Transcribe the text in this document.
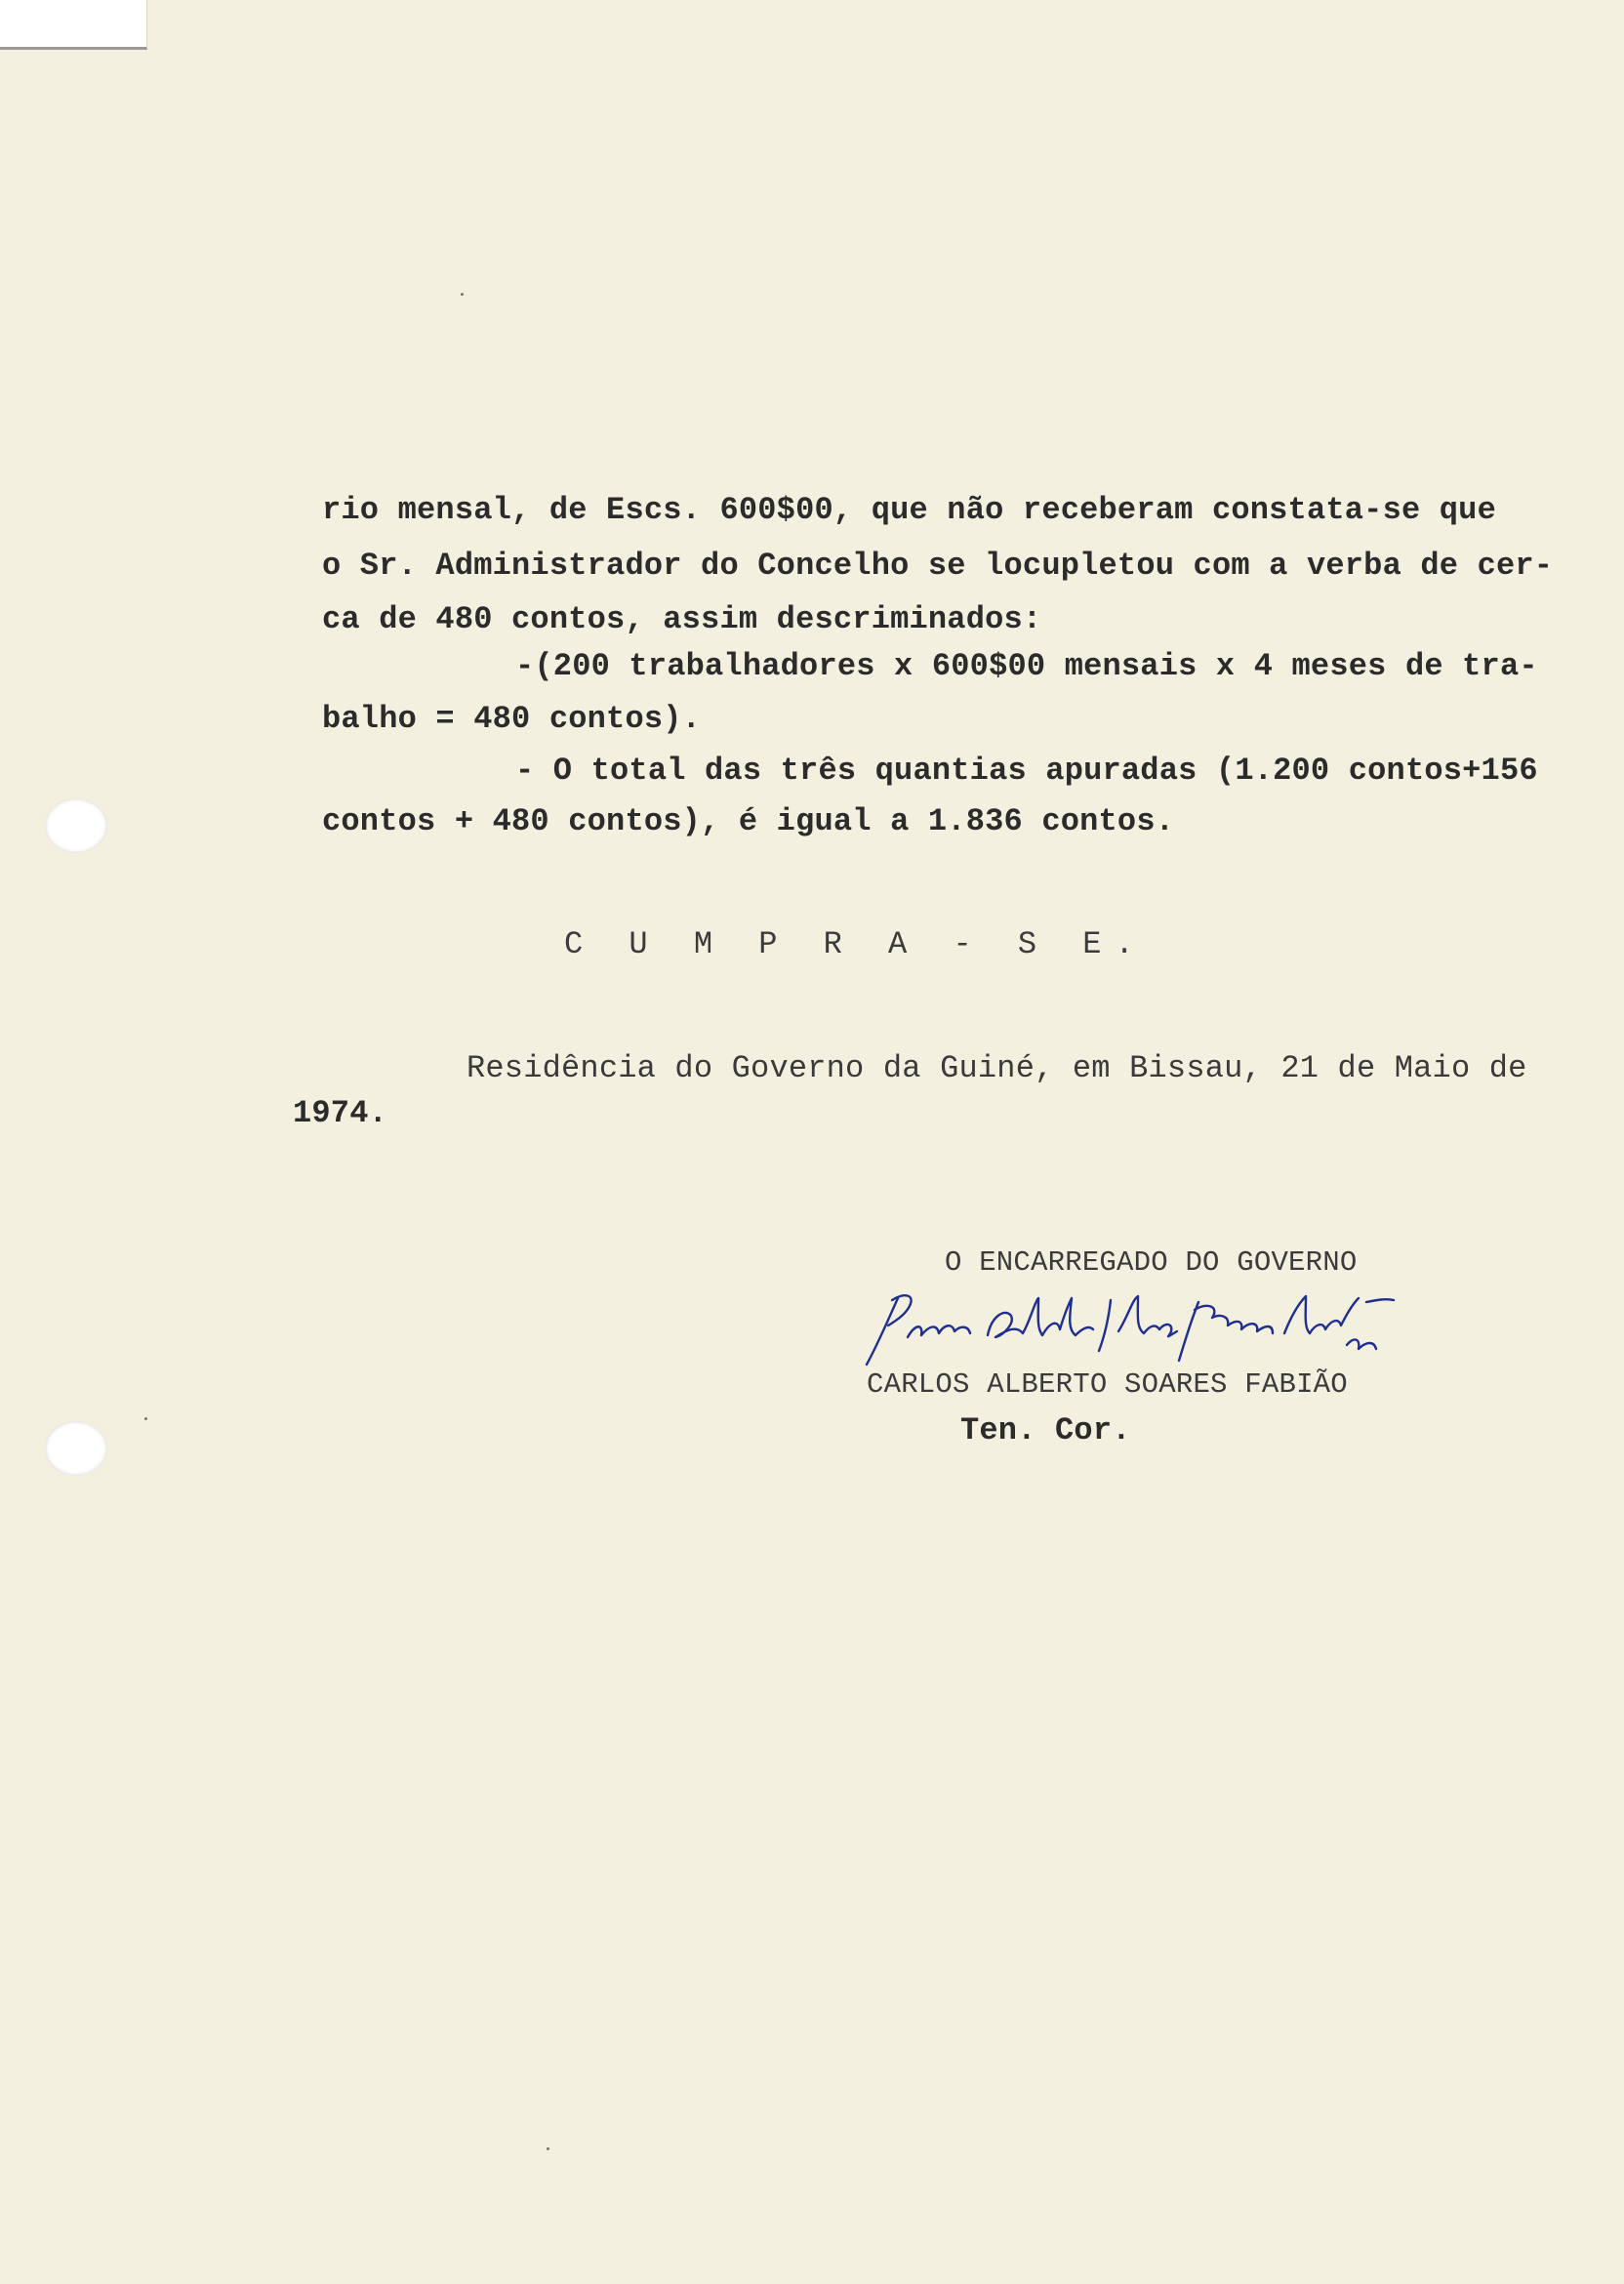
rio mensal, de Escs. 600$00, que não receberam constata-se que

o Sr. Administrador do Concelho se locupletou com a verba de cer-

ca de 480 contos, assim descriminados:

-(200 trabalhadores x 600$00 mensais x 4 meses de tra-

balho = 480 contos).

- O total das três quantias apuradas (1.200 contos+156

contos + 480 contos), é igual a 1.836 contos.

C U M P R A - S E.

Residência do Governo da Guiné, em Bissau, 21 de Maio de

1974.

O ENCARREGADO DO GOVERNO

CARLOS ALBERTO SOARES FABIÃO

Ten. Cor.
